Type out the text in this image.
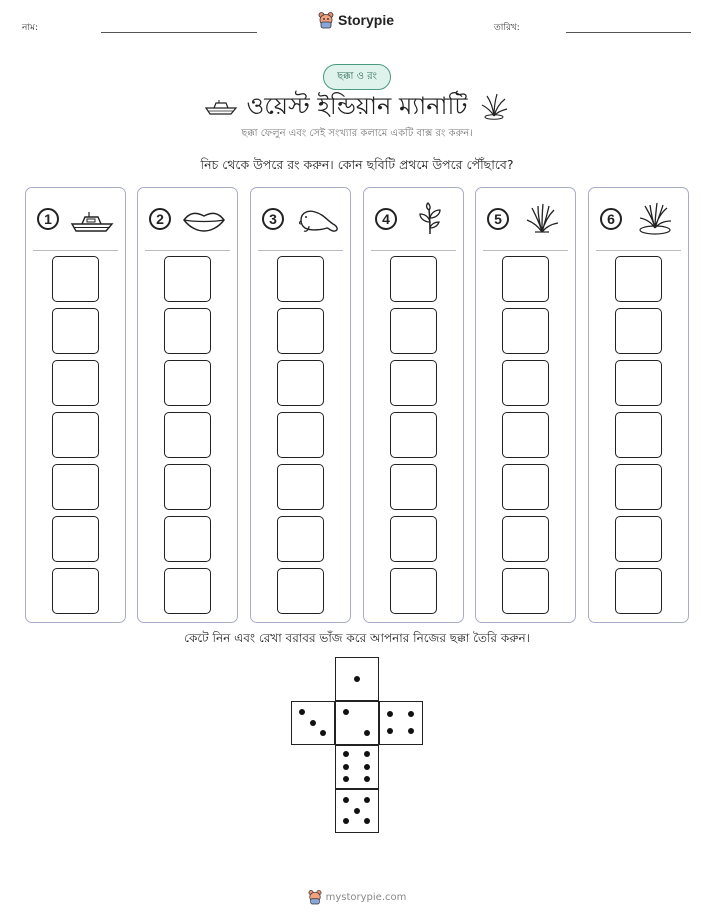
নাম:	Storypie	তারিখ:
ছক্কা ও রং
ওয়েস্ট ইন্ডিয়ান ম্যানাটি
ছক্কা ফেলুন এবং সেই সংখ্যার কলামে একটি বাক্স রং করুন।
নিচ থেকে উপরে রং করুন। কোন ছবিটি প্রথমে উপরে পৌঁছাবে?
1	2	3	4	5	6
কেটে নিন এবং রেখা বরাবর ভাঁজ করে আপনার নিজের ছক্কা তৈরি করুন।
mystorypie.com
